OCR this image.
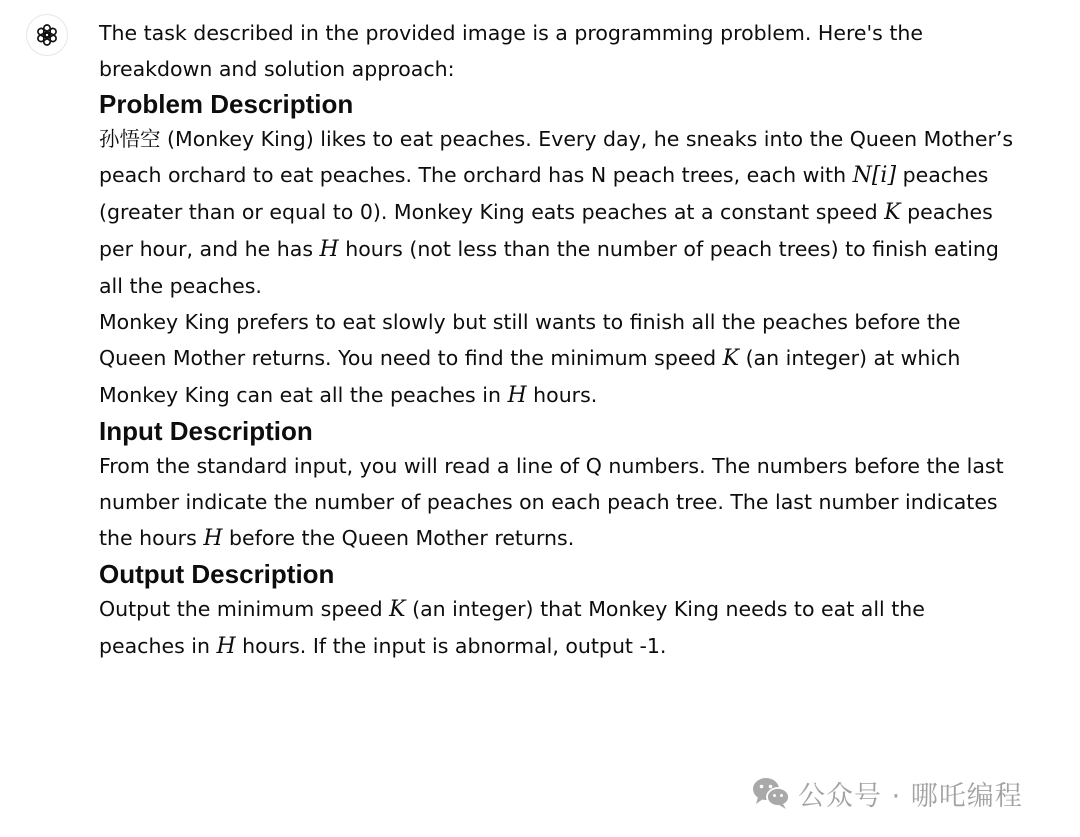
The task described in the provided image is a programming problem. Here's the breakdown and solution approach:

Problem Description

孙悟空 (Monkey King) likes to eat peaches. Every day, he sneaks into the Queen Mother’s peach orchard to eat peaches. The orchard has N peach trees, each with N[i] peaches (greater than or equal to 0). Monkey King eats peaches at a constant speed K peaches per hour, and he has H hours (not less than the number of peach trees) to finish eating all the peaches.

Monkey King prefers to eat slowly but still wants to finish all the peaches before the Queen Mother returns. You need to find the minimum speed K (an integer) at which Monkey King can eat all the peaches in H hours.

Input Description

From the standard input, you will read a line of Q numbers. The numbers before the last number indicate the number of peaches on each peach tree. The last number indicates the hours H before the Queen Mother returns.

Output Description

Output the minimum speed K (an integer) that Monkey King needs to eat all the peaches in H hours. If the input is abnormal, output -1.

公众号 · 哪吒编程
